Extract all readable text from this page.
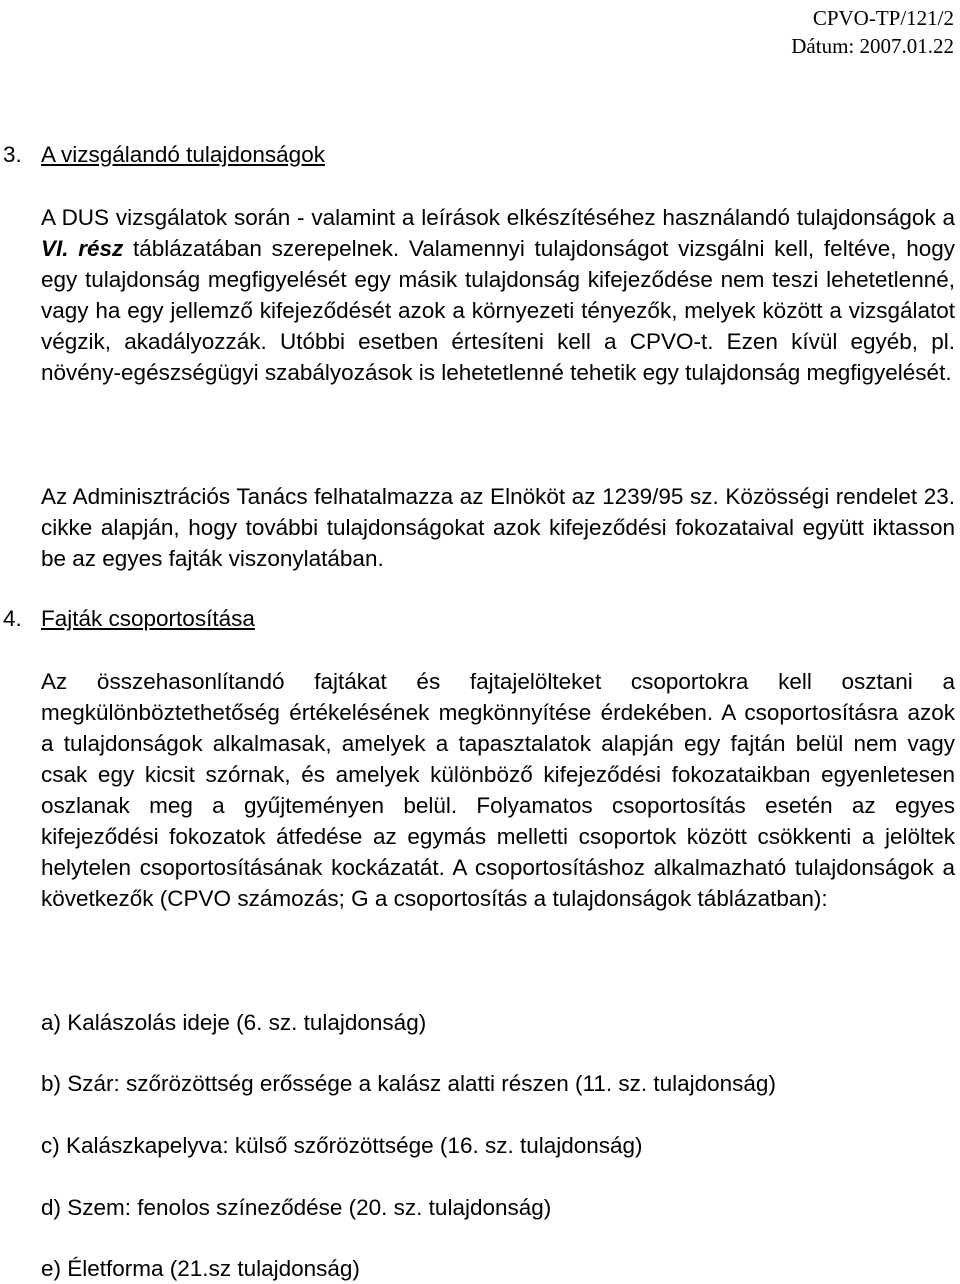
CPVO-TP/121/2
Dátum: 2007.01.22
3. A vizsgálandó tulajdonságok

A DUS vizsgálatok során - valamint a leírások elkészítéséhez használandó tulajdonságok a VI. rész táblázatában szerepelnek. Valamennyi tulajdonságot vizsgálni kell, feltéve, hogy egy tulajdonság megfigyelését egy másik tulajdonság kifejeződése nem teszi lehetetlenné, vagy ha egy jellemző kifejeződését azok a környezeti tényezők, melyek között a vizsgálatot végzik, akadályozzák. Utóbbi esetben értesíteni kell a CPVO-t. Ezen kívül egyéb, pl. növény-egészségügyi szabályozások is lehetetlenné tehetik egy tulajdonság megfigyelését.

Az Adminisztrációs Tanács felhatalmazza az Elnököt az 1239/95 sz. Közösségi rendelet 23. cikke alapján, hogy további tulajdonságokat azok kifejeződési fokozataival együtt iktasson be az egyes fajták viszonylatában.

4. Fajták csoportosítása

Az összehasonlítandó fajtákat és fajtajelölteket csoportokra kell osztani a megkülönböztethetőség értékelésének megkönnyítése érdekében. A csoportosításra azok a tulajdonságok alkalmasak, amelyek a tapasztalatok alapján egy fajtán belül nem vagy csak egy kicsit szórnak, és amelyek különböző kifejeződési fokozataikban egyenletesen oszlanak meg a gyűjteményen belül. Folyamatos csoportosítás esetén az egyes kifejeződési fokozatok átfedése az egymás melletti csoportok között csökkenti a jelöltek helytelen csoportosításának kockázatát. A csoportosításhoz alkalmazható tulajdonságok a következők (CPVO számozás; G a csoportosítás a tulajdonságok táblázatban):

a) Kalászolás ideje (6. sz. tulajdonság)
b) Szár: szőrözöttség erőssége a kalász alatti részen (11. sz. tulajdonság)
c) Kalászkapelyva: külső szőrözöttsége (16. sz. tulajdonság)
d) Szem: fenolos színeződése (20. sz. tulajdonság)
e) Életforma (21.sz tulajdonság)
